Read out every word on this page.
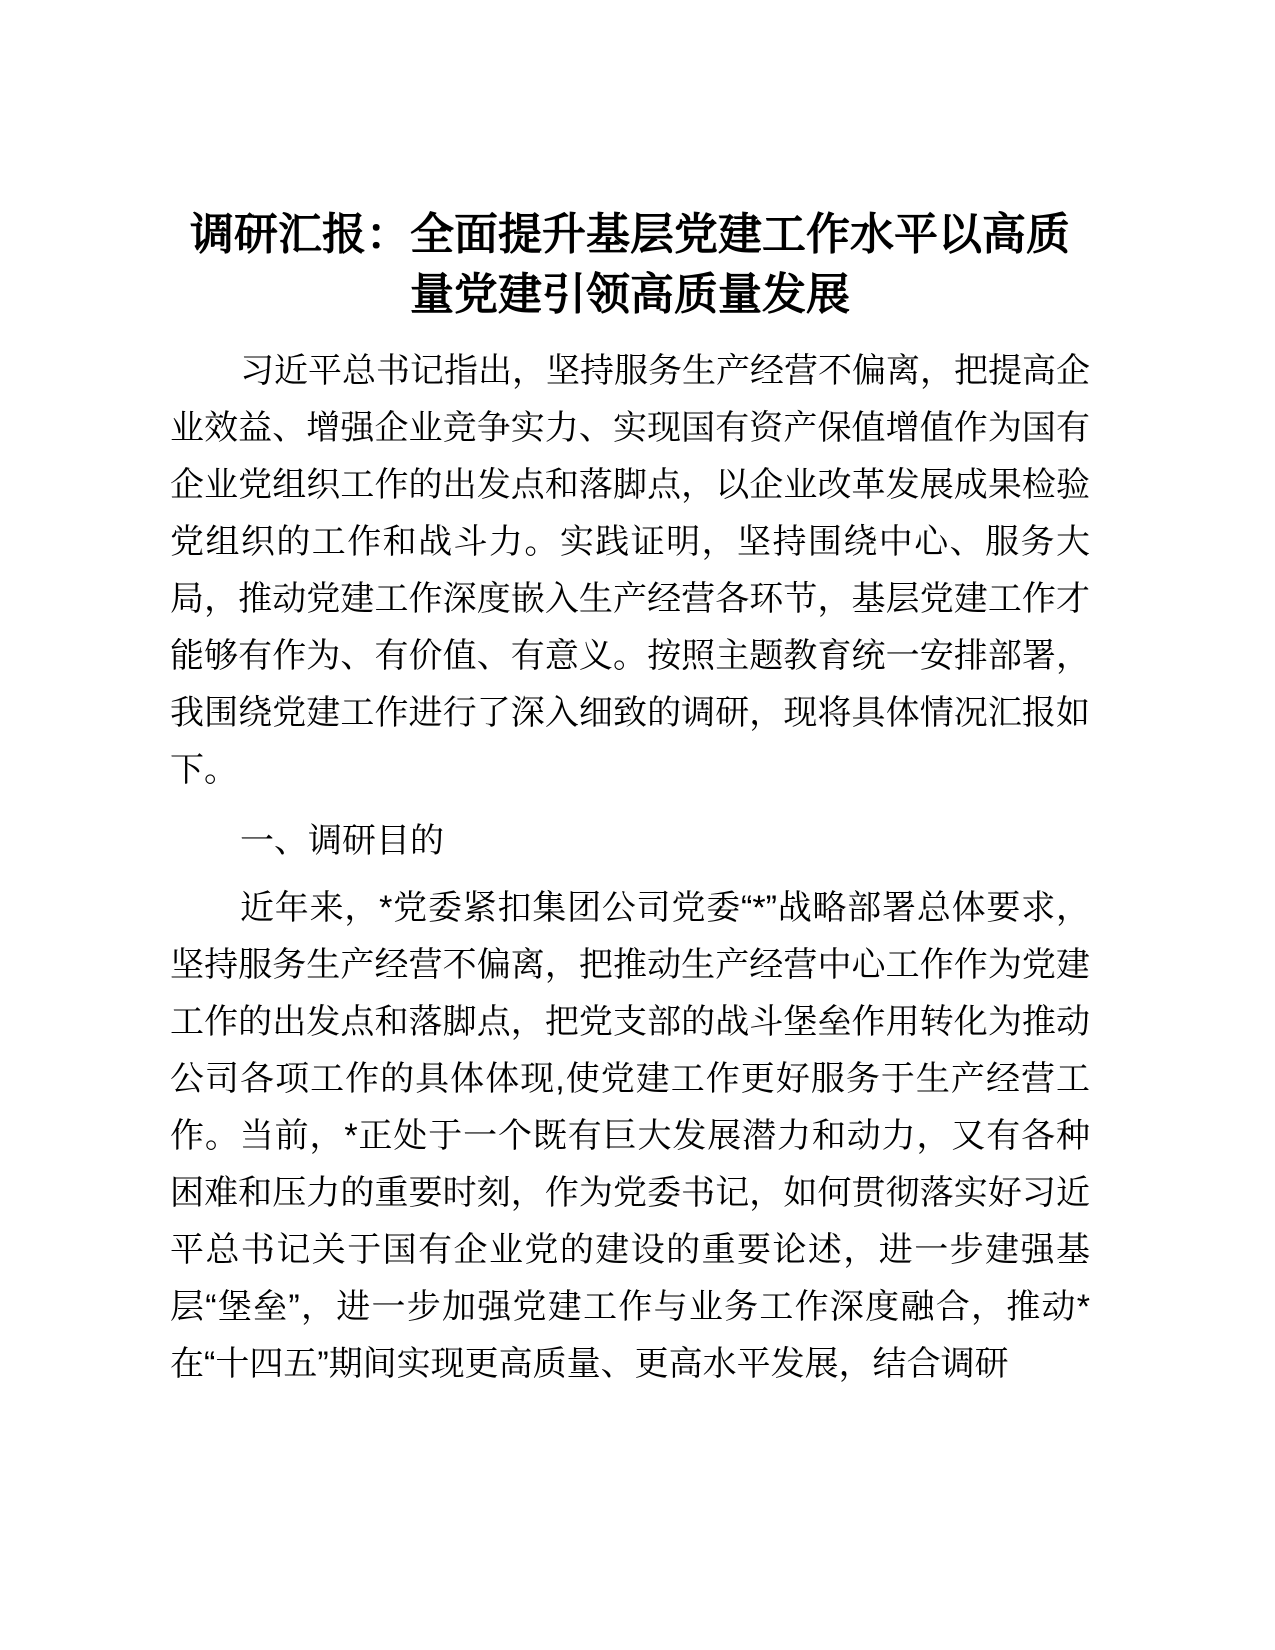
调研汇报：全面提升基层党建工作水平以高质
量党建引领高质量发展

习近平总书记指出，坚持服务生产经营不偏离，把提高企业效益、增强企业竞争实力、实现国有资产保值增值作为国有企业党组织工作的出发点和落脚点，以企业改革发展成果检验党组织的工作和战斗力。实践证明，坚持围绕中心、服务大局，推动党建工作深度嵌入生产经营各环节，基层党建工作才能够有作为、有价值、有意义。按照主题教育统一安排部署，我围绕党建工作进行了深入细致的调研，现将具体情况汇报如下。

一、调研目的

近年来，*党委紧扣集团公司党委“*”战略部署总体要求，坚持服务生产经营不偏离，把推动生产经营中心工作作为党建工作的出发点和落脚点，把党支部的战斗堡垒作用转化为推动公司各项工作的具体体现,使党建工作更好服务于生产经营工作。当前，*正处于一个既有巨大发展潜力和动力，又有各种困难和压力的重要时刻，作为党委书记，如何贯彻落实好习近平总书记关于国有企业党的建设的重要论述，进一步建强基层“堡垒”，进一步加强党建工作与业务工作深度融合，推动*在“十四五”期间实现更高质量、更高水平发展，结合调研
